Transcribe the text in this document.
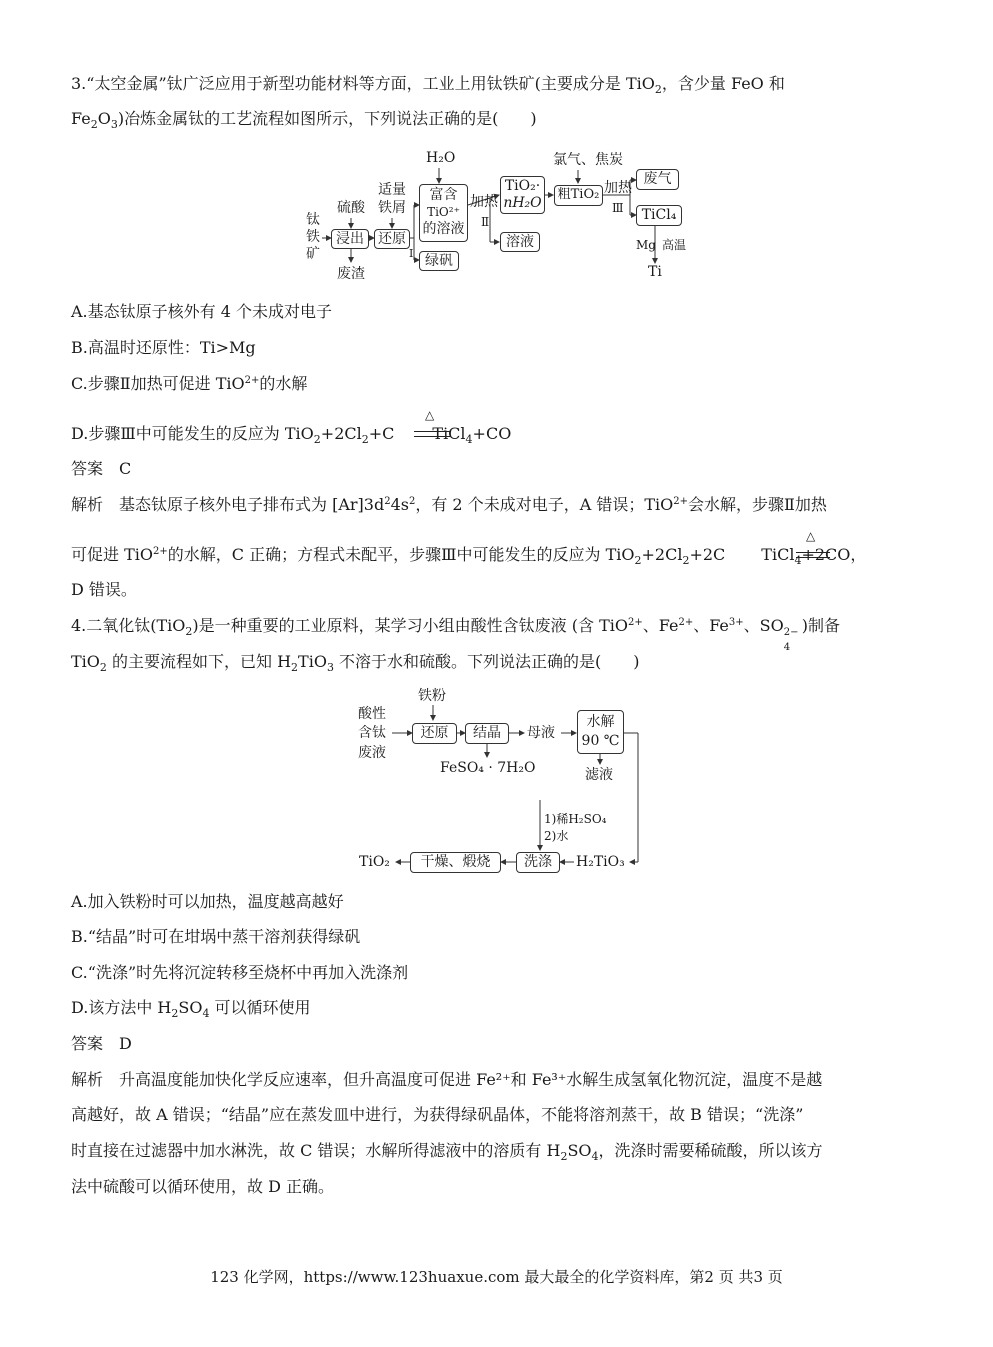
3.“太空金属”钛广泛应用于新型功能材料等方面，工业上用钛铁矿(主要成分是 TiO$_2$，含少量 FeO 和
$Fe_2O_3$)冶炼金属钛的工艺流程如图所示，下列说法正确的是(　　)
H₂O
钛
铁
矿
硫酸
适量
铁屑
浸出	还原
Ⅰ
废渣
富含
TiO²⁺
的溶液
绿矾
加热
Ⅱ
TiO₂·
nH₂O
溶液
氯气、焦炭
粗TiO₂ 加热
Ⅲ
废气
TiCl₄
Mg 高温
Ti
A.基态钛原子核外有 4 个未成对电子
B.高温时还原性：Ti>Mg
C.步骤Ⅱ加热可促进 TiO$^{2+}$的水解
D.步骤Ⅲ中可能发生的反应为 $TiO_2+2Cl_2+C$ TiCl$_4$+CO
△
答案　C
解析　基态钛原子核外电子排布式为 $[Ar]3d^24s^2$，有 2 个未成对电子，A 错误；TiO$^{2+}$会水解，步骤Ⅱ加热
可促进 TiO$^{2+}$的水解，C 正确；方程式未配平，步骤Ⅲ中可能发生的反应为 $TiO_2+2Cl_2+2C$ TiCl$_4$+2CO，
△
D 错误。
4.二氧化钛(TiO$_2$)是一种重要的工业原料，某学习小组由酸性含钛废液 (含 TiO$^{2+}$、$Fe^{2+}$、$Fe^{3+}$、SO 2−
4
)制备
TiO$_2$ 的主要流程如下，已知 $H_2TiO_3$ 不溶于水和硫酸。下列说法正确的是(　　)
铁粉
酸性
含钛
废液
还原	结晶	母液
水解
90 ℃
FeSO₄ · 7H₂O	滤液
1)稀H₂SO₄
2)水
TiO₂	干燥、煅烧	洗涤	H₂TiO₃
A.加入铁粉时可以加热，温度越高越好
B.“结晶”时可在坩埚中蒸干溶剂获得绿矾
C.“洗涤”时先将沉淀转移至烧杯中再加入洗涤剂
D.该方法中 $H_2SO_4$ 可以循环使用
答案　D
解析　升高温度能加快化学反应速率，但升高温度可促进 Fe²⁺和 Fe³⁺水解生成氢氧化物沉淀，温度不是越
高越好，故 A 错误；“结晶”应在蒸发皿中进行，为获得绿矾晶体，不能将溶剂蒸干，故 B 错误；“洗涤”
时直接在过滤器中加水淋洗，故 C 错误；水解所得滤液中的溶质有 $H_2SO_4$，洗涤时需要稀硫酸，所以该方
法中硫酸可以循环使用，故 D 正确。
123 化学网，https://www.123huaxue.com 最大最全的化学资料库，第2 页 共3 页
